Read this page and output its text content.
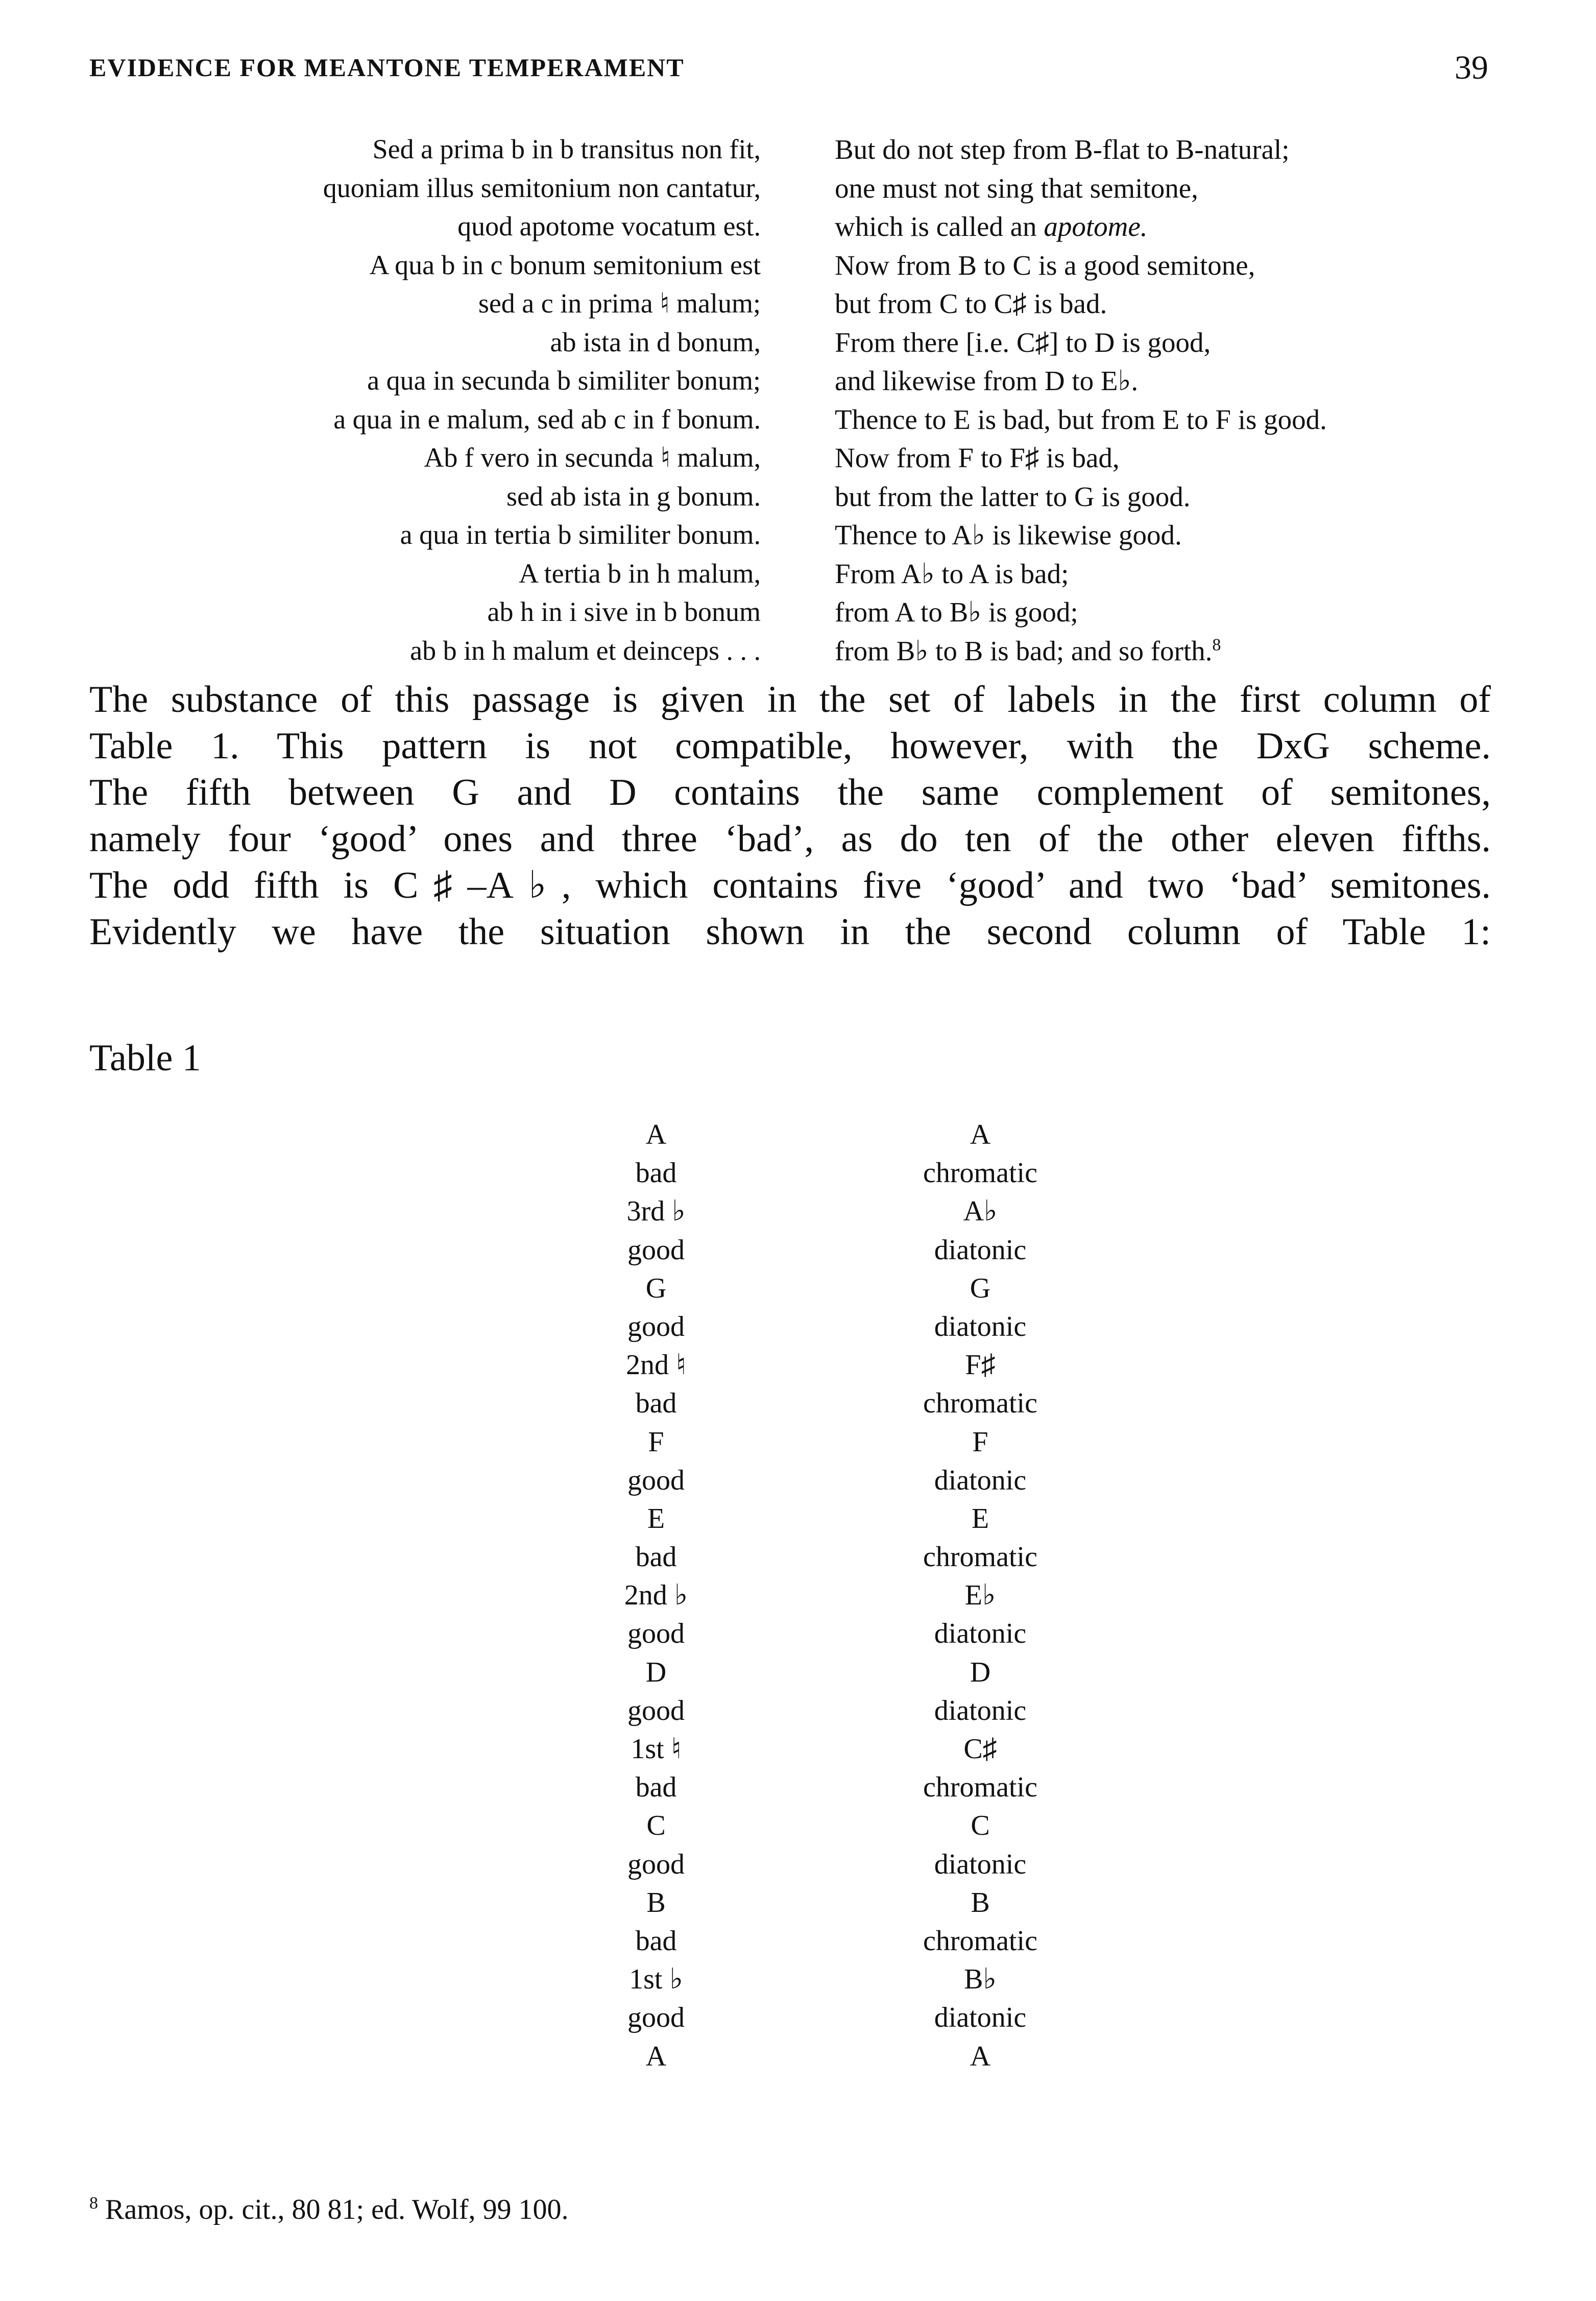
EVIDENCE FOR MEANTONE TEMPERAMENT	39
Sed a prima b in b transitus non fit,
quoniam illus semitonium non cantatur,
quod apotome vocatum est.
A qua b in c bonum semitonium est
sed a c in prima ♮ malum;
ab ista in d bonum,
a qua in secunda b similiter bonum;
a qua in e malum, sed ab c in f bonum.
Ab f vero in secunda ♮ malum,
sed ab ista in g bonum.
a qua in tertia b similiter bonum.
A tertia b in h malum,
ab h in i sive in b bonum
ab b in h malum et deinceps . . .
But do not step from B-flat to B-natural;
one must not sing that semitone,
which is called an apotome.
Now from B to C is a good semitone,
but from C to C♯ is bad.
From there [i.e. C♯] to D is good,
and likewise from D to E♭.
Thence to E is bad, but from E to F is good.
Now from F to F♯ is bad,
but from the latter to G is good.
Thence to A♭ is likewise good.
From A♭ to A is bad;
from A to B♭ is good;
from B♭ to B is bad; and so forth.$^8$
The substance of this passage is given in the set of labels in the first column of
Table 1. This pattern is not compatible, however, with the DxG scheme.
The fifth between G and D contains the same complement of semitones,
namely four ‘good’ ones and three ‘bad’, as do ten of the other eleven fifths.
The odd fifth is C♯–A♭, which contains five ‘good’ and two ‘bad’ semitones.
Evidently we have the situation shown in the second column of Table 1:
Table 1
A
bad
3rd ♭
good
G
good
2nd ♮
bad
F
good
E
bad
2nd ♭
good
D
good
1st ♮
bad
C
good
B
bad
1st ♭
good
A
A
chromatic
A♭
diatonic
G
diatonic
F♯
chromatic
F
diatonic
E
chromatic
E♭
diatonic
D
diatonic
C♯
chromatic
C
diatonic
B
chromatic
B♭
diatonic
A
$^8$ Ramos, op. cit., 80 81; ed. Wolf, 99 100.
